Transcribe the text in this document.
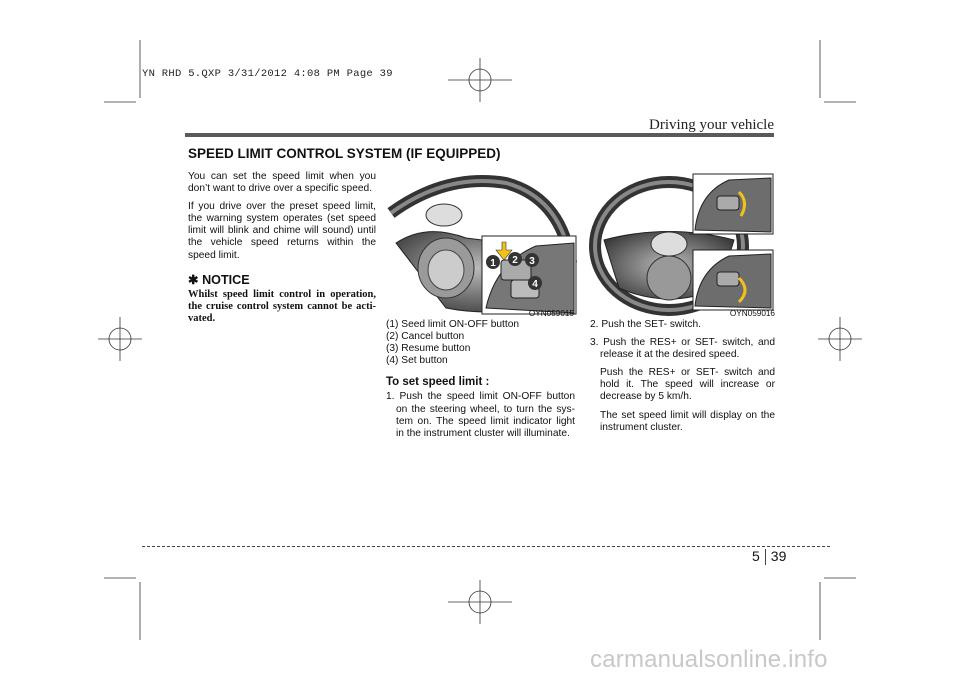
YN RHD 5.QXP 3/31/2012 4:08 PM Page 39
Driving your vehicle
SPEED LIMIT CONTROL SYSTEM (IF EQUIPPED)

You can set the speed limit when you don’t want to drive over a specific speed.

If you drive over the preset speed limit, the warning system operates (set speed limit will blink and chime will sound) until the vehicle speed returns within the speed limit.

✱ NOTICE
Whilst speed limit control in operation, the cruise control system cannot be acti-vated.
1 2 3
4
OYN059015	OYN059016
(1) Seed limit ON-OFF button
(2) Cancel button
(3) Resume button
(4) Set button
To set speed limit :

1. Push the speed limit ON-OFF button on the steering wheel, to turn the sys-tem on. The speed limit indicator light in the instrument cluster will illuminate.

2. Push the SET- switch.

3. Push the RES+ or SET- switch, and release it at the desired speed.

Push the RES+ or SET- switch and hold it. The speed will increase or decrease by 5 km/h.

The set speed limit will display on the instrument cluster.

5 39
carmanualsonline.info
